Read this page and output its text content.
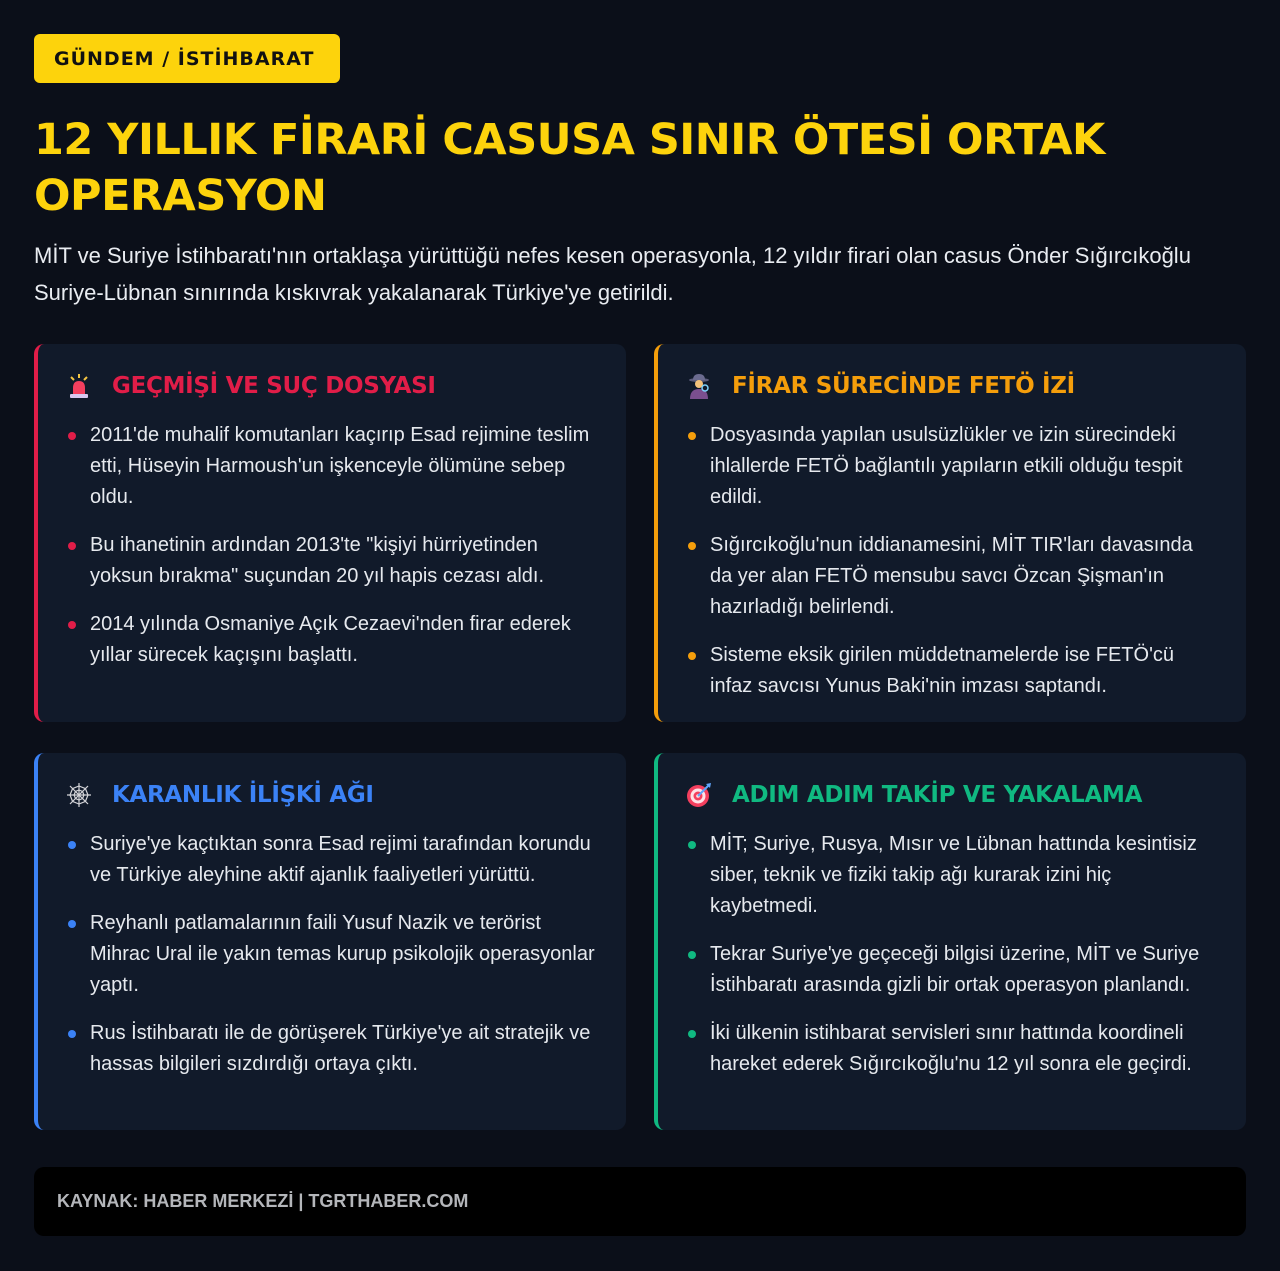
GÜNDEM / İSTİHBARAT
12 YILLIK FİRARİ CASUSA SINIR ÖTESİ ORTAK OPERASYON

MİT ve Suriye İstihbaratı'nın ortaklaşa yürüttüğü nefes kesen operasyonla, 12 yıldır firari olan casus Önder Sığırcıkoğlu Suriye-Lübnan sınırında kıskıvrak yakalanarak Türkiye'ye getirildi.

GEÇMİŞİ VE SUÇ DOSYASI
2011'de muhalif komutanları kaçırıp Esad rejimine teslim etti, Hüseyin Harmoush'un işkenceyle ölümüne sebep oldu.
Bu ihanetinin ardından 2013'te "kişiyi hürriyetinden yoksun bırakma" suçundan 20 yıl hapis cezası aldı.
2014 yılında Osmaniye Açık Cezaevi'nden firar ederek yıllar sürecek kaçışını başlattı.
FİRAR SÜRECİNDE FETÖ İZİ
Dosyasında yapılan usulsüzlükler ve izin sürecindeki ihlallerde FETÖ bağlantılı yapıların etkili olduğu tespit edildi.
Sığırcıkoğlu'nun iddianamesini, MİT TIR'ları davasında da yer alan FETÖ mensubu savcı Özcan Şişman'ın hazırladığı belirlendi.
Sisteme eksik girilen müddetnamelerde ise FETÖ'cü infaz savcısı Yunus Baki'nin imzası saptandı.
KARANLIK İLİŞKİ AĞI
Suriye'ye kaçtıktan sonra Esad rejimi tarafından korundu ve Türkiye aleyhine aktif ajanlık faaliyetleri yürüttü.
Reyhanlı patlamalarının faili Yusuf Nazik ve terörist Mihrac Ural ile yakın temas kurup psikolojik operasyonlar yaptı.
Rus İstihbaratı ile de görüşerek Türkiye'ye ait stratejik ve hassas bilgileri sızdırdığı ortaya çıktı.
ADIM ADIM TAKİP VE YAKALAMA
MİT; Suriye, Rusya, Mısır ve Lübnan hattında kesintisiz siber, teknik ve fiziki takip ağı kurarak izini hiç kaybetmedi.
Tekrar Suriye'ye geçeceği bilgisi üzerine, MİT ve Suriye İstihbaratı arasında gizli bir ortak operasyon planlandı.
İki ülkenin istihbarat servisleri sınır hattında koordineli hareket ederek Sığırcıkoğlu'nu 12 yıl sonra ele geçirdi.
KAYNAK: HABER MERKEZİ | TGRTHABER.COM
